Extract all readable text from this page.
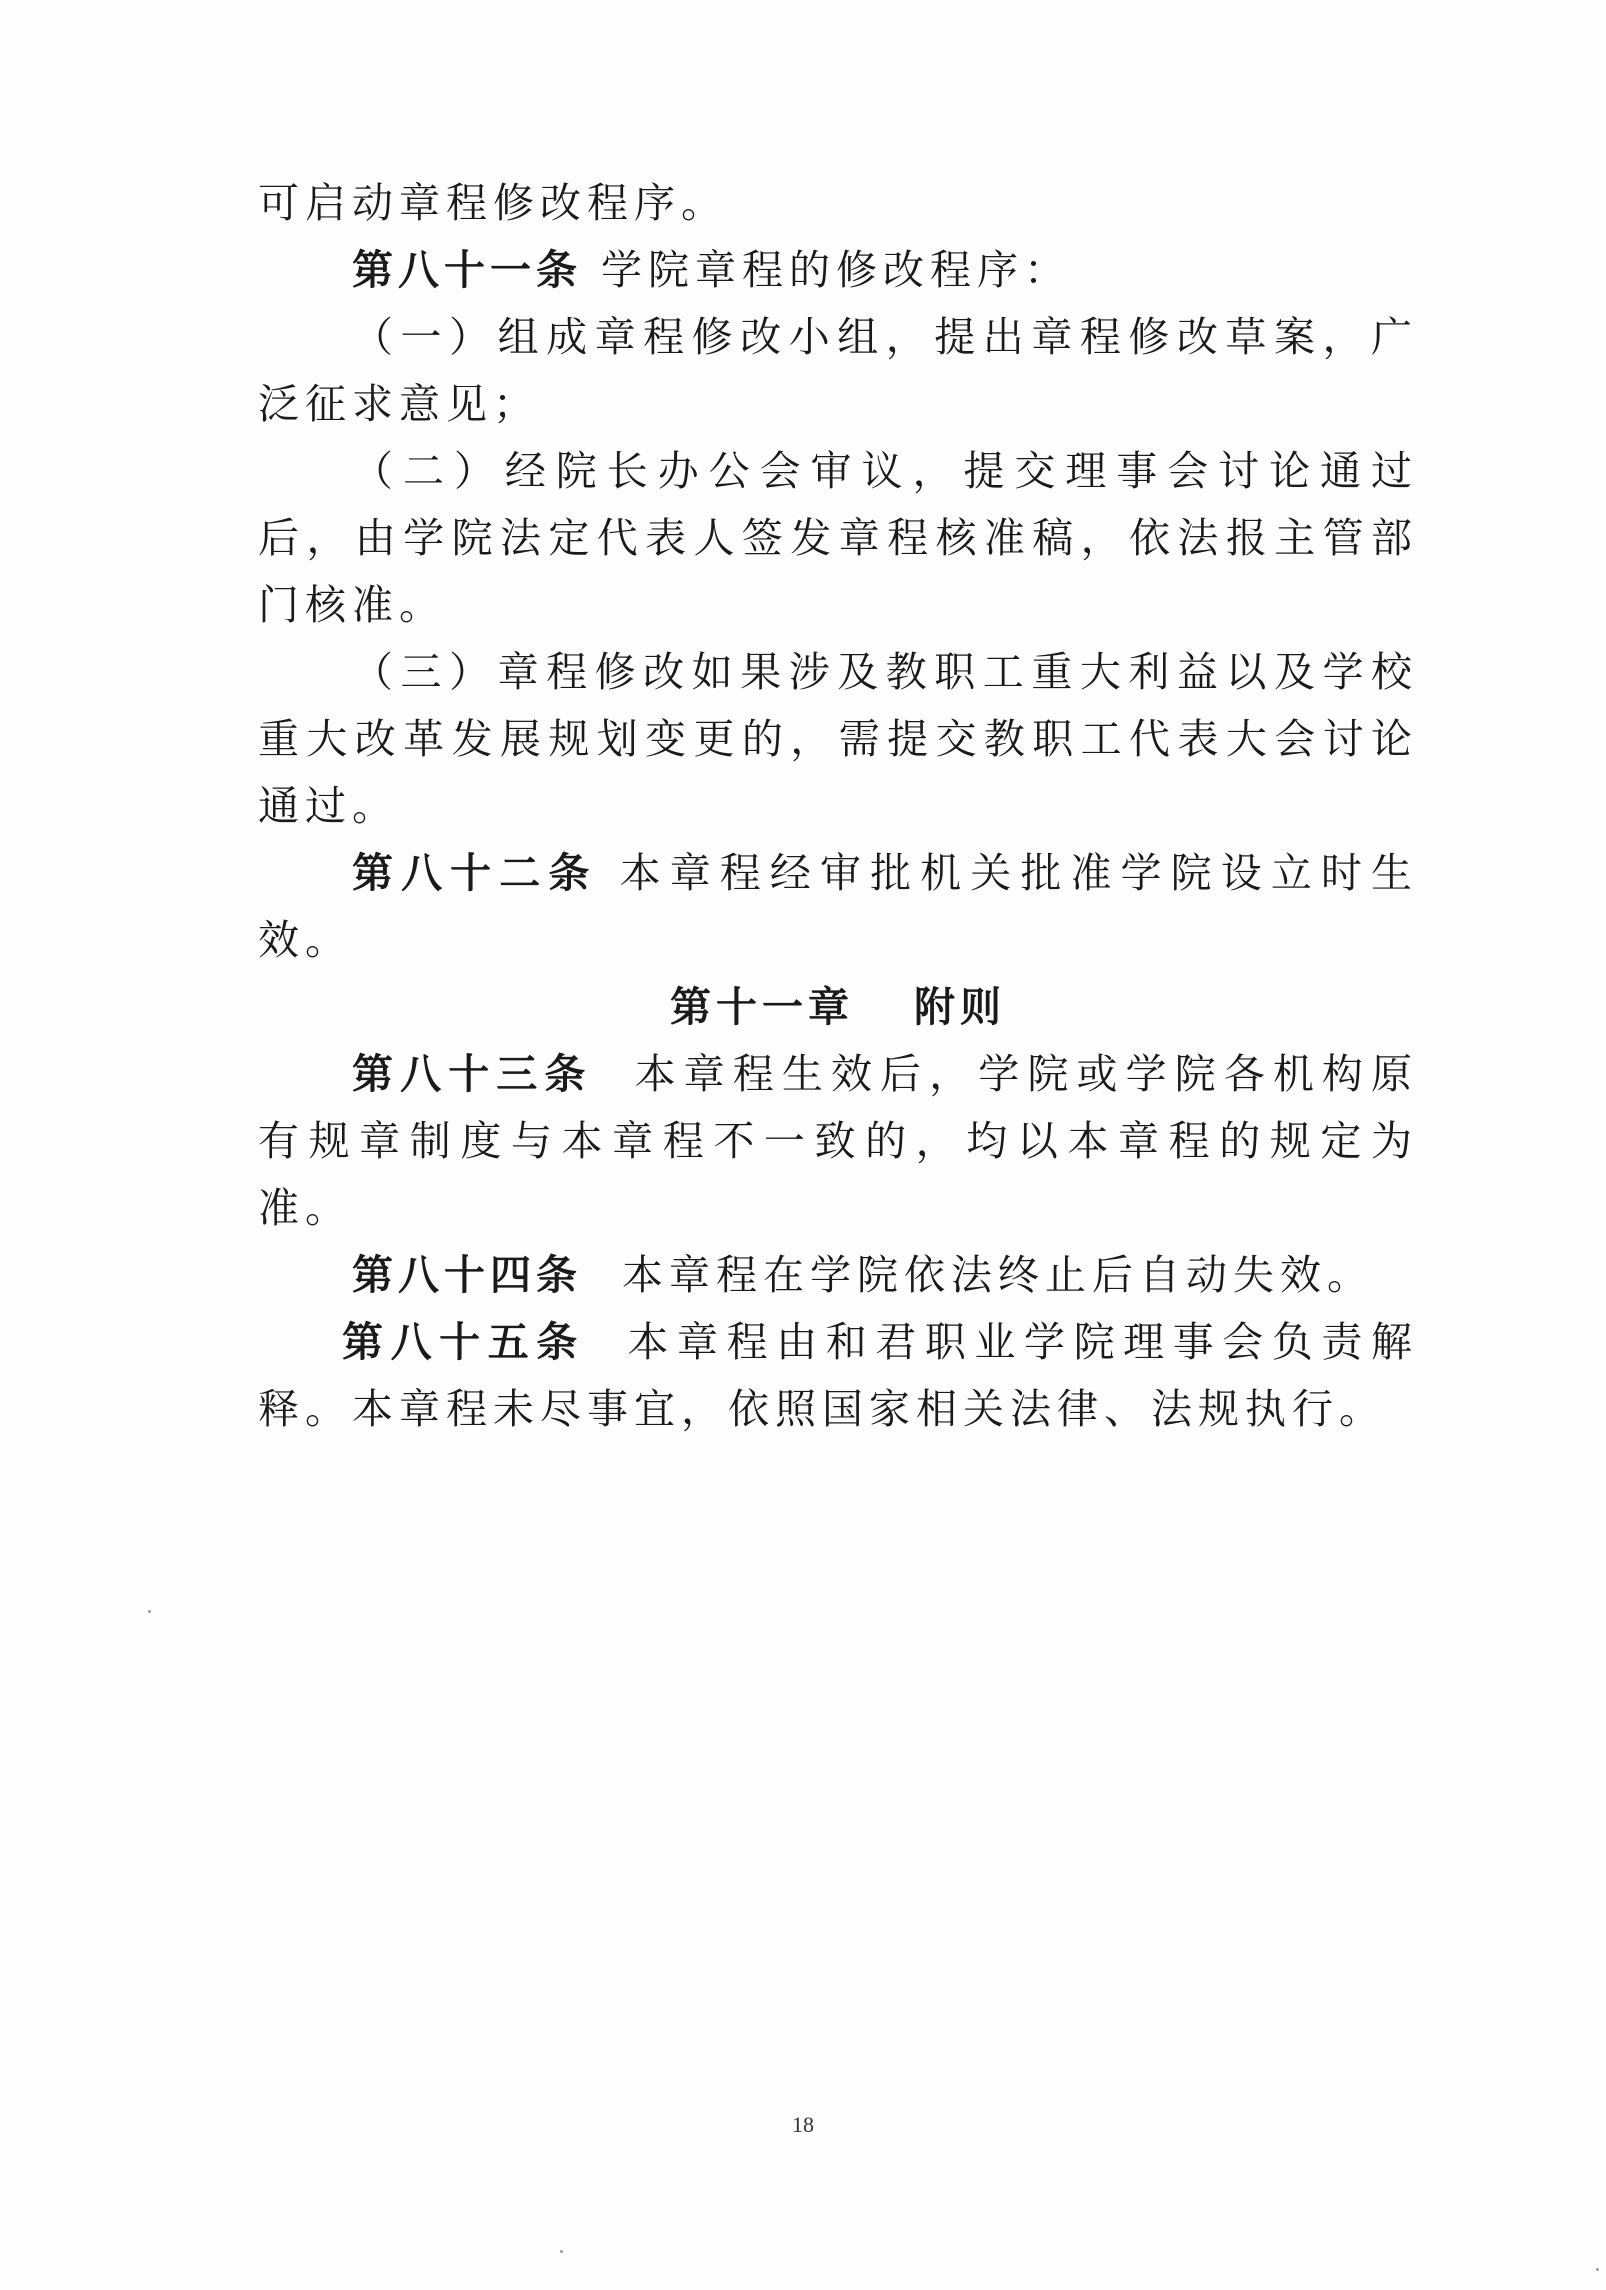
可启动章程修改程序。

第八十一条 学院章程的修改程序：

（一）组成章程修改小组，提出章程修改草案，广泛征求意见；

（二）经院长办公会审议，提交理事会讨论通过后，由学院法定代表人签发章程核准稿，依法报主管部门核准。

（三）章程修改如果涉及教职工重大利益以及学校重大改革发展规划变更的，需提交教职工代表大会讨论通过。

第八十二条 本章程经审批机关批准学院设立时生效。

第十一章 附则

第八十三条 本章程生效后，学院或学院各机构原有规章制度与本章程不一致的，均以本章程的规定为准。

第八十四条 本章程在学院依法终止后自动失效。

第八十五条 本章程由和君职业学院理事会负责解释。本章程未尽事宜，依照国家相关法律、法规执行。

18
